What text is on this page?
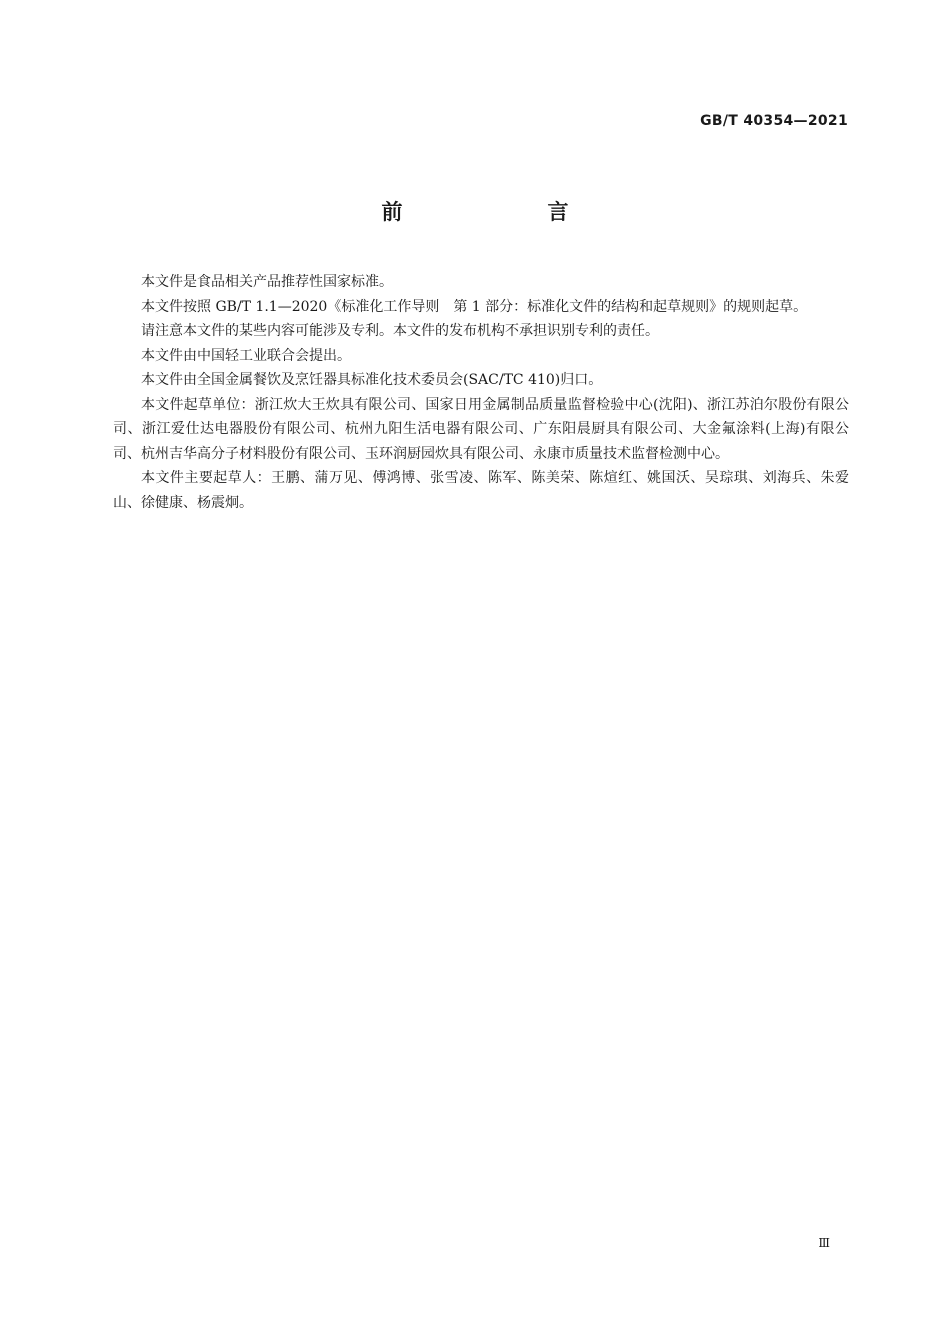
GB/T 40354—2021
前　言

本文件是食品相关产品推荐性国家标准。

本文件按照 GB/T 1.1—2020《标准化工作导则　第 1 部分：标准化文件的结构和起草规则》的规则起草。

请注意本文件的某些内容可能涉及专利。本文件的发布机构不承担识别专利的责任。

本文件由中国轻工业联合会提出。

本文件由全国金属餐饮及烹饪器具标准化技术委员会(SAC/TC 410)归口。

本文件起草单位：浙江炊大王炊具有限公司、国家日用金属制品质量监督检验中心(沈阳)、浙江苏泊尔股份有限公司、浙江爱仕达电器股份有限公司、杭州九阳生活电器有限公司、广东阳晨厨具有限公司、大金氟涂料(上海)有限公司、杭州吉华高分子材料股份有限公司、玉环润厨园炊具有限公司、永康市质量技术监督检测中心。

本文件主要起草人：王鹏、蒲万见、傅鸿博、张雪凌、陈军、陈美荣、陈煊红、姚国沃、吴琮琪、刘海兵、朱爱山、徐健康、杨震炯。

Ⅲ
